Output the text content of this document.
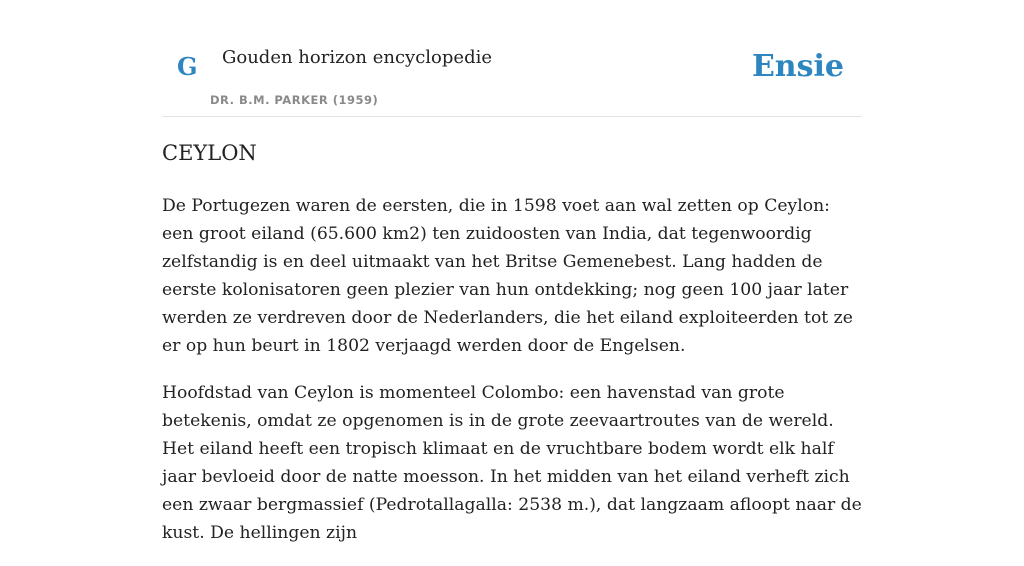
G Gouden horizon encyclopedie
DR. B.M. PARKER (1959)
Ensie
CEYLON

De Portugezen waren de eersten, die in 1598 voet aan wal zetten op Ceylon: een groot eiland (65.600 km2) ten zuidoosten van India, dat tegenwoordig zelfstandig is en deel uitmaakt van het Britse Gemenebest. Lang hadden de eerste kolonisatoren geen plezier van hun ontdekking; nog geen 100 jaar later werden ze verdreven door de Nederlanders, die het eiland exploiteerden tot ze er op hun beurt in 1802 verjaagd werden door de Engelsen.

Hoofdstad van Ceylon is momenteel Colombo: een havenstad van grote betekenis, omdat ze opgenomen is in de grote zeevaartroutes van de wereld. Het eiland heeft een tropisch klimaat en de vruchtbare bodem wordt elk half jaar bevloeid door de natte moesson. In het midden van het eiland verheft zich een zwaar bergmassief (Pedrotallagalla: 2538 m.), dat langzaam afloopt naar de kust. De hellingen zijn
